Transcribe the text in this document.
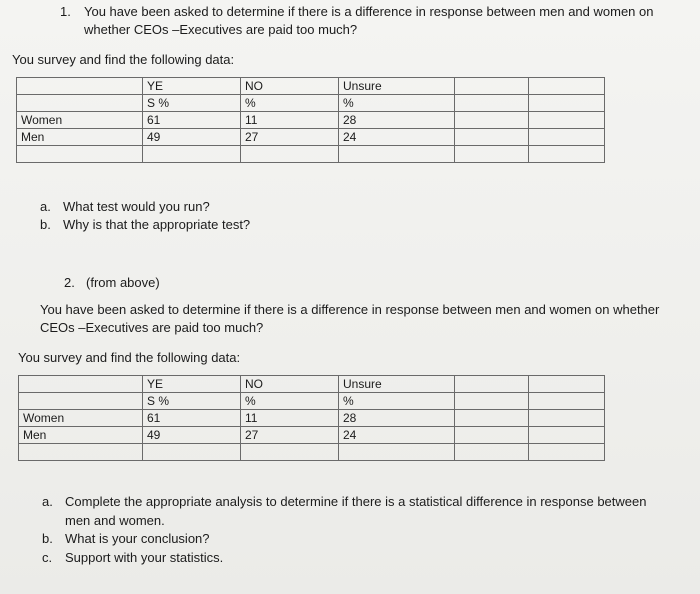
1. You have been asked to determine if there is a difference in response between men and women on
whether CEOs –Executives are paid too much?
You survey and find the following data:
	YE	NO	Unsure		
	S %	%	%		
Women	61	11	28		
Men	49	27	24		

a. What test would you run?
b. Why is that the appropriate test?
2. (from above)
You have been asked to determine if there is a difference in response between men and women on whether
CEOs –Executives are paid too much?
You survey and find the following data:
	YE	NO	Unsure		
	S %	%	%		
Women	61	11	28		
Men	49	27	24		

a. Complete the appropriate analysis to determine if there is a statistical difference in response between
men and women.
b. What is your conclusion?
c. Support with your statistics.
